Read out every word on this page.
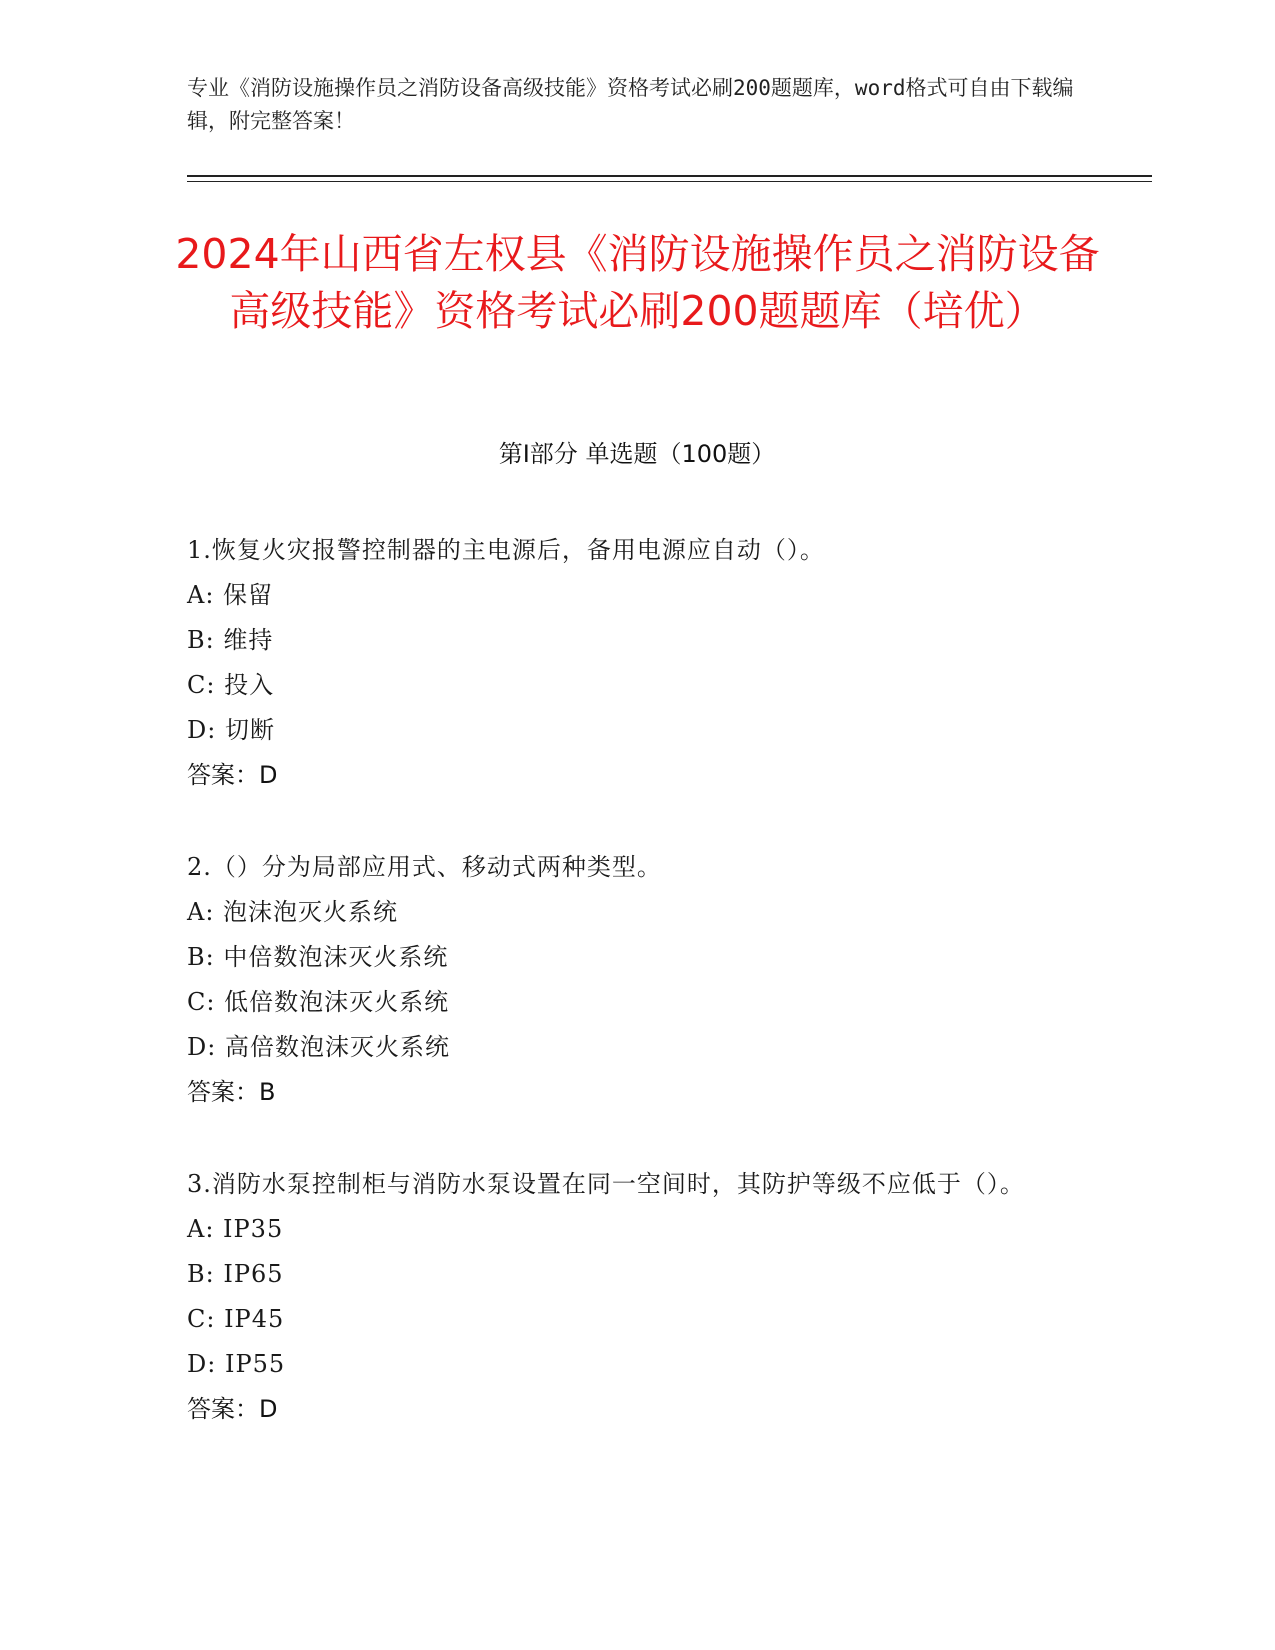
专业《消防设施操作员之消防设备高级技能》资格考试必刷200题题库，word格式可自由下载编辑，附完整答案！
2024年山西省左权县《消防设施操作员之消防设备高级技能》资格考试必刷200题题库（培优）
第I部分 单选题（100题）
1.恢复火灾报警控制器的主电源后，备用电源应自动（）。
A: 保留
B: 维持
C: 投入
D: 切断
答案：D
2.（）分为局部应用式、移动式两种类型。
A: 泡沫泡灭火系统
B: 中倍数泡沫灭火系统
C: 低倍数泡沫灭火系统
D: 高倍数泡沫灭火系统
答案：B
3.消防水泵控制柜与消防水泵设置在同一空间时，其防护等级不应低于（）。
A: IP35
B: IP65
C: IP45
D: IP55
答案：D
